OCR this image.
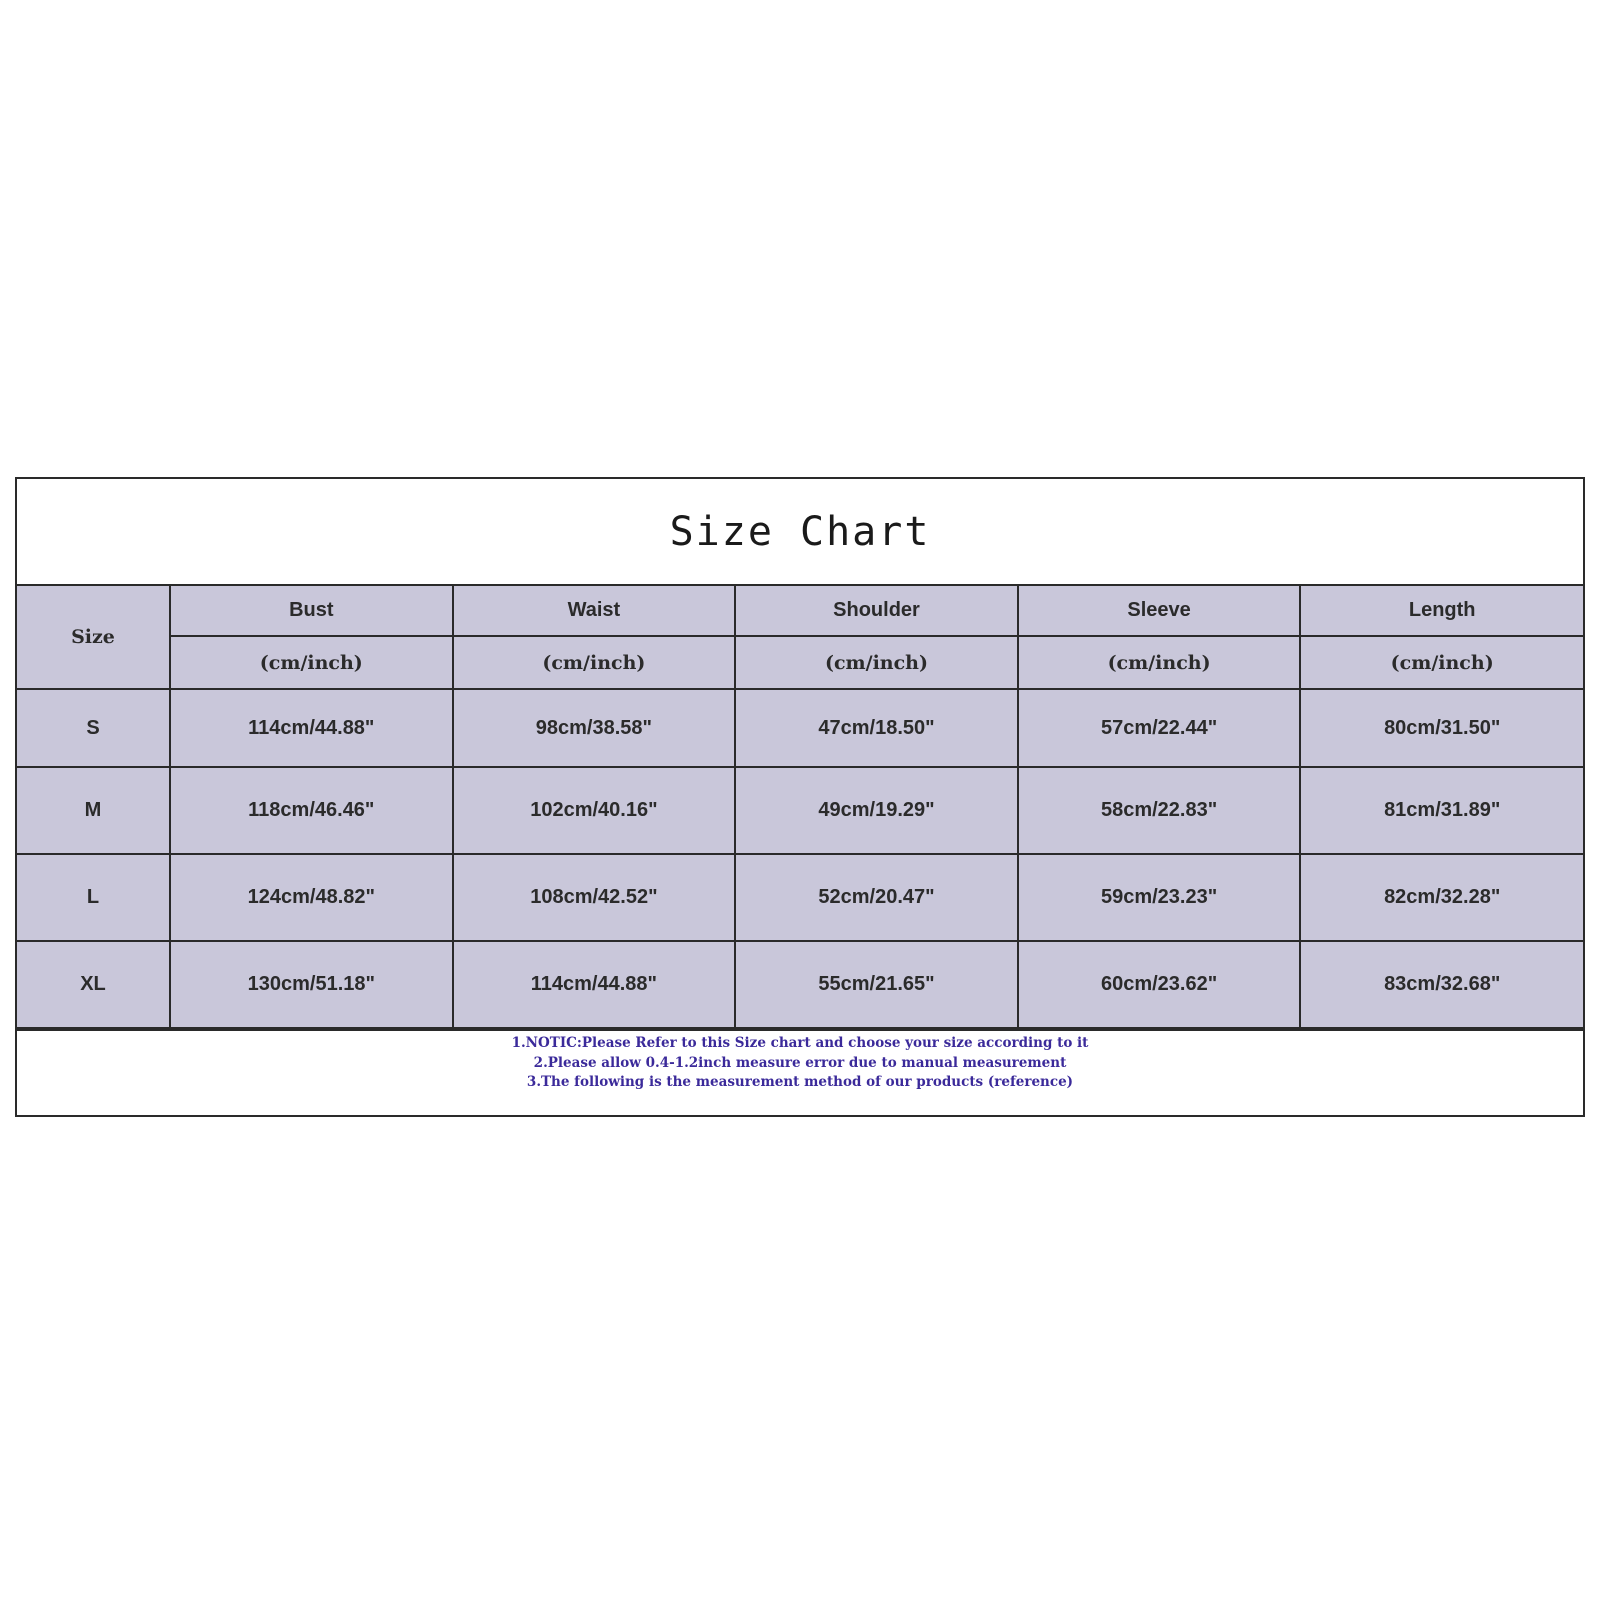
Size Chart
Size	Bust	Waist	Shoulder	Sleeve	Length
	(cm/inch)	(cm/inch)	(cm/inch)	(cm/inch)	(cm/inch)
S	114cm/44.88"	98cm/38.58"	47cm/18.50"	57cm/22.44"	80cm/31.50"
M	118cm/46.46"	102cm/40.16"	49cm/19.29"	58cm/22.83"	81cm/31.89"
L	124cm/48.82"	108cm/42.52"	52cm/20.47"	59cm/23.23"	82cm/32.28"
XL	130cm/51.18"	114cm/44.88"	55cm/21.65"	60cm/23.62"	83cm/32.68"
1.NOTIC:Please Refer to this Size chart and choose your size according to it
2.Please allow 0.4-1.2inch measure error due to manual measurement
3.The following is the measurement method of our products (reference)
